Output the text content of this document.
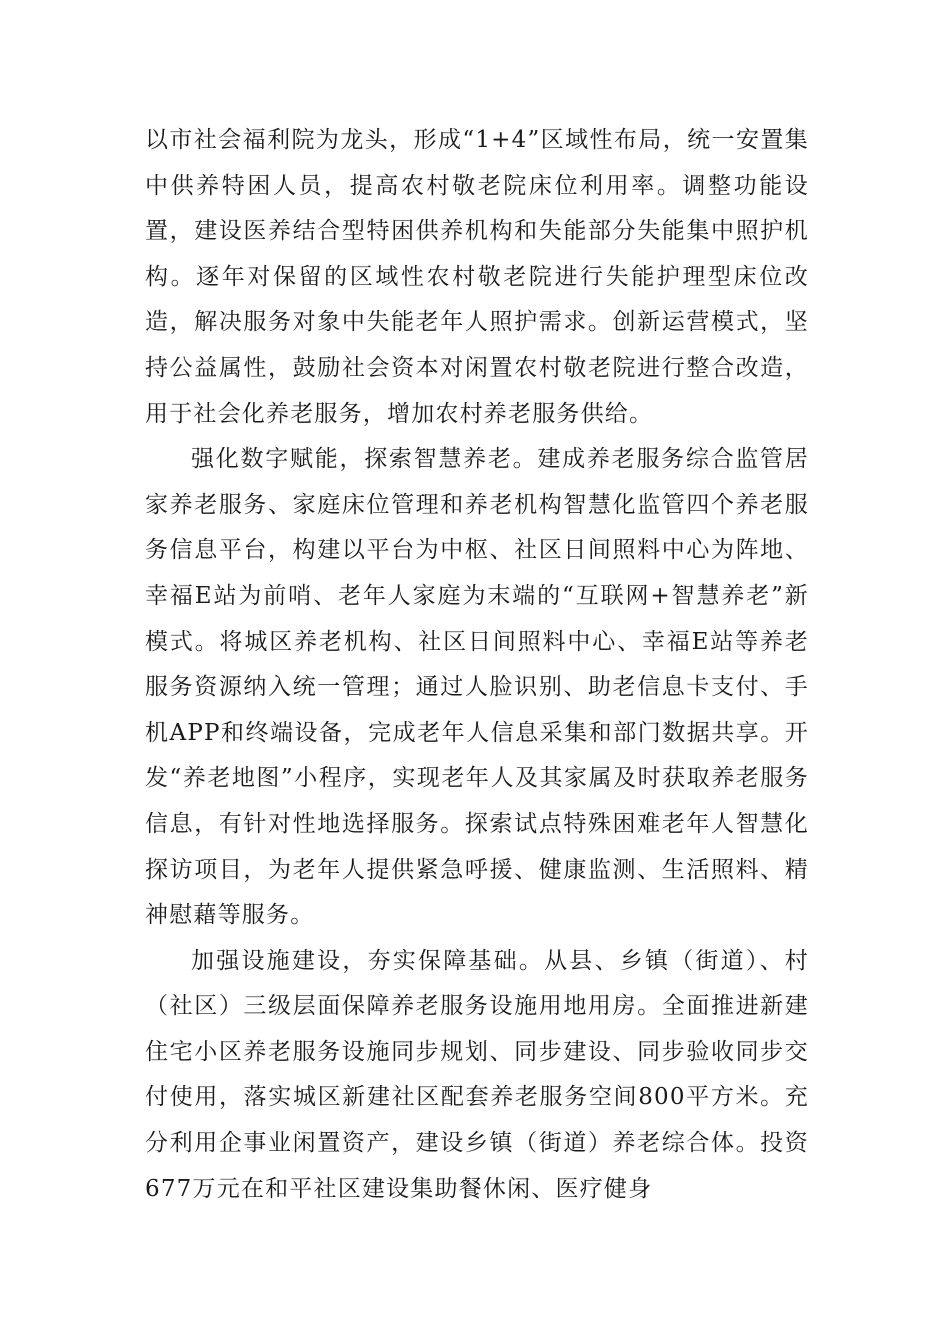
以市社会福利院为龙头，形成“1+4”区域性布局，统一安置集中供养特困人员，提高农村敬老院床位利用率。调整功能设置，建设医养结合型特困供养机构和失能部分失能集中照护机构。逐年对保留的区域性农村敬老院进行失能护理型床位改造，解决服务对象中失能老年人照护需求。创新运营模式，坚持公益属性，鼓励社会资本对闲置农村敬老院进行整合改造，用于社会化养老服务，增加农村养老服务供给。

强化数字赋能，探索智慧养老。建成养老服务综合监管居家养老服务、家庭床位管理和养老机构智慧化监管四个养老服务信息平台，构建以平台为中枢、社区日间照料中心为阵地、幸福E站为前哨、老年人家庭为末端的“互联网+智慧养老”新模式。将城区养老机构、社区日间照料中心、幸福E站等养老服务资源纳入统一管理；通过人脸识别、助老信息卡支付、手机APP和终端设备，完成老年人信息采集和部门数据共享。开发“养老地图”小程序，实现老年人及其家属及时获取养老服务信息，有针对性地选择服务。探索试点特殊困难老年人智慧化探访项目，为老年人提供紧急呼援、健康监测、生活照料、精神慰藉等服务。

加强设施建设，夯实保障基础。从县、乡镇（街道）、村（社区）三级层面保障养老服务设施用地用房。全面推进新建住宅小区养老服务设施同步规划、同步建设、同步验收同步交付使用，落实城区新建社区配套养老服务空间800平方米。充分利用企事业闲置资产，建设乡镇（街道）养老综合体。投资677万元在和平社区建设集助餐休闲、医疗健身
